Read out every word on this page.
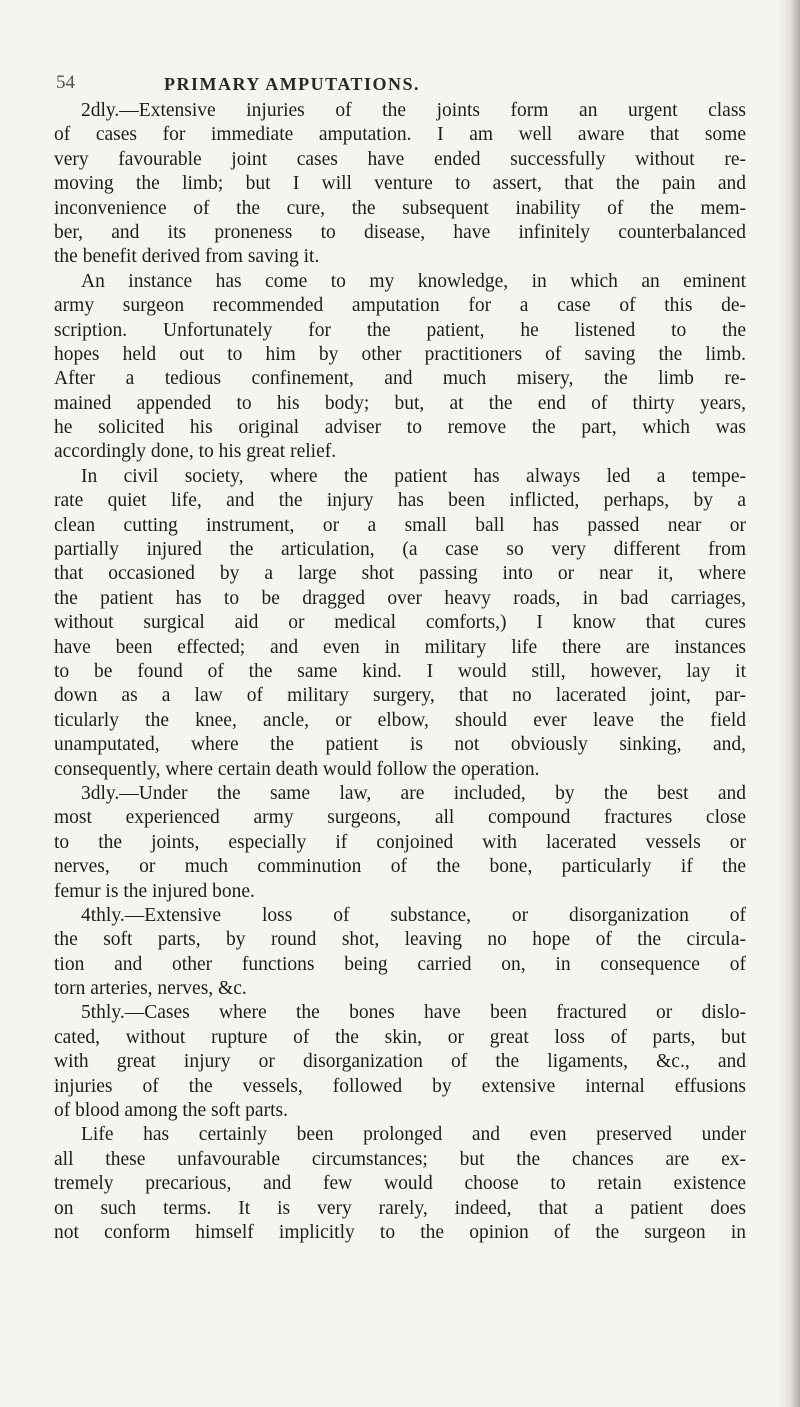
54	PRIMARY AMPUTATIONS.
2dly.—Extensive injuries of the joints form an urgent class
of cases for immediate amputation. I am well aware that some
very favourable joint cases have ended successfully without re-
moving the limb; but I will venture to assert, that the pain and
inconvenience of the cure, the subsequent inability of the mem-
ber, and its proneness to disease, have infinitely counterbalanced
the benefit derived from saving it.
An instance has come to my knowledge, in which an eminent
army surgeon recommended amputation for a case of this de-
scription. Unfortunately for the patient, he listened to the
hopes held out to him by other practitioners of saving the limb.
After a tedious confinement, and much misery, the limb re-
mained appended to his body; but, at the end of thirty years,
he solicited his original adviser to remove the part, which was
accordingly done, to his great relief.
In civil society, where the patient has always led a tempe-
rate quiet life, and the injury has been inflicted, perhaps, by a
clean cutting instrument, or a small ball has passed near or
partially injured the articulation, (a case so very different from
that occasioned by a large shot passing into or near it, where
the patient has to be dragged over heavy roads, in bad carriages,
without surgical aid or medical comforts,) I know that cures
have been effected; and even in military life there are instances
to be found of the same kind. I would still, however, lay it
down as a law of military surgery, that no lacerated joint, par-
ticularly the knee, ancle, or elbow, should ever leave the field
unamputated, where the patient is not obviously sinking, and,
consequently, where certain death would follow the operation.
3dly.—Under the same law, are included, by the best and
most experienced army surgeons, all compound fractures close
to the joints, especially if conjoined with lacerated vessels or
nerves, or much comminution of the bone, particularly if the
femur is the injured bone.
4thly.—Extensive loss of substance, or disorganization of
the soft parts, by round shot, leaving no hope of the circula-
tion and other functions being carried on, in consequence of
torn arteries, nerves, &c.
5thly.—Cases where the bones have been fractured or dislo-
cated, without rupture of the skin, or great loss of parts, but
with great injury or disorganization of the ligaments, &c., and
injuries of the vessels, followed by extensive internal effusions
of blood among the soft parts.
Life has certainly been prolonged and even preserved under
all these unfavourable circumstances; but the chances are ex-
tremely precarious, and few would choose to retain existence
on such terms. It is very rarely, indeed, that a patient does
not conform himself implicitly to the opinion of the surgeon in
